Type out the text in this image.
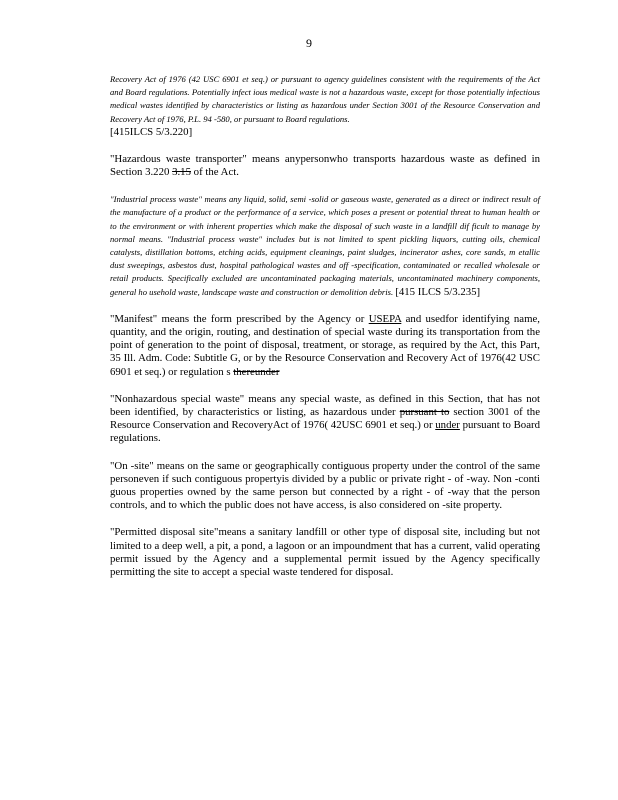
9
Recovery Act of 1976 (42 USC 6901 et seq.) or pursuant to agency guidelines consistent with the requirements of the Act and Board regulations. Potentially infect ious medical waste is not a hazardous waste, except for those potentially infectious medical wastes identified by characteristics or listing as hazardous under Section 3001 of the Resource Conservation and Recovery Act of 1976, P.L. 94 -580, or pursuant to Board regulations.
[415ILCS 5/3.220]
"Hazardous waste transporter" means anypersonwho transports hazardous waste as defined in Section 3.220 3.15 of the Act.
"Industrial process waste" means any liquid, solid, semi -solid or gaseous waste, generated as a direct or indirect result of the manufacture of a product or the performance of a service, which poses a present or potential threat to human health or to the environment or with inherent properties which make the disposal of such waste in a landfill dif ficult to manage by normal means. "Industrial process waste" includes but is not limited to spent pickling liquors, cutting oils, chemical catalysts, distillation bottoms, etching acids, equipment cleanings, paint sludges, incinerator ashes, core sands, m etallic dust sweepings, asbestos dust, hospital pathological wastes and off -specification, contaminated or recalled wholesale or retail products. Specifically excluded are uncontaminated packaging materials, uncontaminated machinery components, general ho usehold waste, landscape waste and construction or demolition debris. [415 ILCS 5/3.235]
"Manifest" means the form prescribed by the Agency or USEPA and usedfor identifying name, quantity, and the origin, routing, and destination of special waste during its transportation from the point of generation to the point of disposal, treatment, or storage, as required by the Act, this Part, 35 Ill. Adm. Code: Subtitle G, or by the Resource Conservation and Recovery Act of 1976(42 USC 6901 et seq.) or regulation s thereunder
"Nonhazardous special waste" means any special waste, as defined in this Section, that has not been identified, by characteristics or listing, as hazardous under pursuant to section 3001 of the Resource Conservation and RecoveryAct of 1976( 42USC 6901 et seq.) or under pursuant to Board regulations.
"On -site" means on the same or geographically contiguous property under the control of the same personeven if such contiguous propertyis divided by a public or private right - of -way. Non -conti guous properties owned by the same person but connected by a right - of -way that the person controls, and to which the public does not have access, is also considered on -site property.
"Permitted disposal site"means a sanitary landfill or other type of disposal site, including but not limited to a deep well, a pit, a pond, a lagoon or an impoundment that has a current, valid operating permit issued by the Agency and a supplemental permit issued by the Agency specifically permitting the site to accept a special waste tendered for disposal.
